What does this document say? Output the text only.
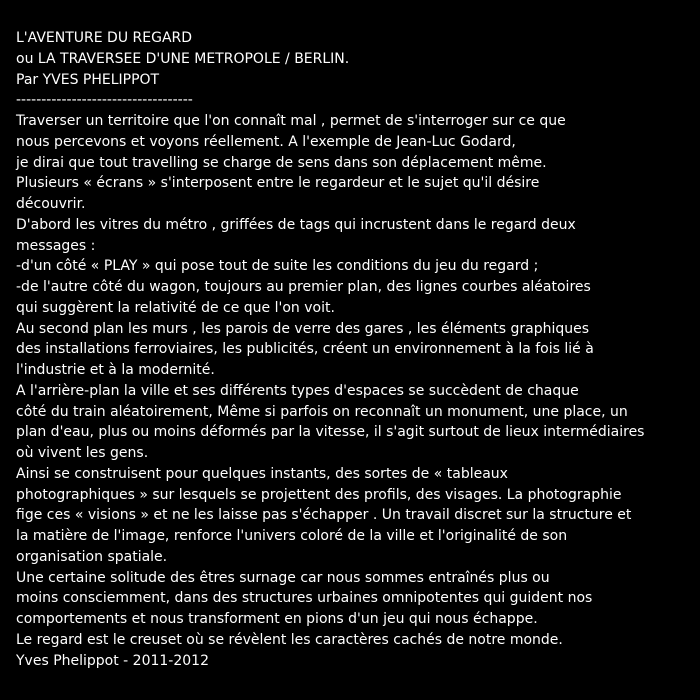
L'AVENTURE DU REGARD
ou LA TRAVERSEE D'UNE METROPOLE / BERLIN.
Par YVES PHELIPPOT
-----------------------------------
Traverser un territoire que l'on connaît mal , permet de s'interroger sur ce que
nous percevons et voyons réellement. A l'exemple de Jean-Luc Godard,
je dirai que tout travelling se charge de sens dans son déplacement même.
Plusieurs « écrans » s'interposent entre le regardeur et le sujet qu'il désire
découvrir.
D'abord les vitres du métro , griffées de tags qui incrustent dans le regard deux
messages :
-d'un côté « PLAY » qui pose tout de suite les conditions du jeu du regard ;
-de l'autre côté du wagon, toujours au premier plan, des lignes courbes aléatoires
qui suggèrent la relativité de ce que l'on voit.
Au second plan les murs , les parois de verre des gares , les éléments graphiques
des installations ferroviaires, les publicités, créent un environnement à la fois lié à
l'industrie et à la modernité.
A l'arrière-plan la ville et ses différents types d'espaces se succèdent de chaque
côté du train aléatoirement, Même si parfois on reconnaît un monument, une place, un
plan d'eau, plus ou moins déformés par la vitesse, il s'agit surtout de lieux intermédiaires
où vivent les gens.
Ainsi se construisent pour quelques instants, des sortes de « tableaux
photographiques » sur lesquels se projettent des profils, des visages. La photographie
fige ces « visions » et ne les laisse pas s'échapper . Un travail discret sur la structure et
la matière de l'image, renforce l'univers coloré de la ville et l'originalité de son
organisation spatiale.
Une certaine solitude des êtres surnage car nous sommes entraînés plus ou
moins consciemment, dans des structures urbaines omnipotentes qui guident nos
comportements et nous transforment en pions d'un jeu qui nous échappe.
Le regard est le creuset où se révèlent les caractères cachés de notre monde.
Yves Phelippot - 2011-2012
